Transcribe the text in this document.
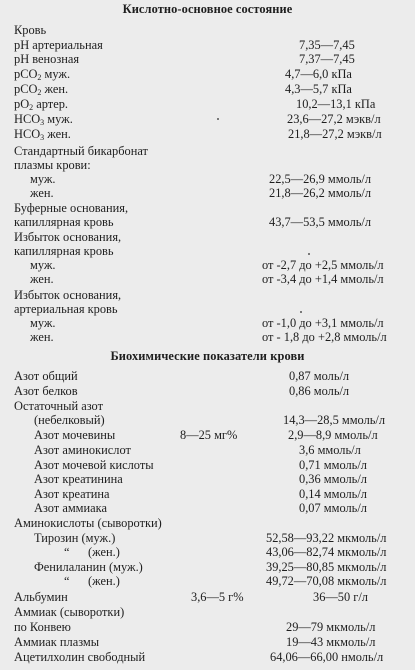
Кислотно-основное состояние
Кровь
pH артериальная	7,35—7,45
pH венозная	7,37—7,45
pCO$_2$ муж.	4,7—6,0 кПа
pCO$_2$ жен.	4,3—5,7 кПа
$pO_2$ артер.	10,2—13,1 кПа
$HCO_3$ муж.	23,6—27,2 мэкв/л
$HCO_3$ жен.	21,8—27,2 мэкв/л
Стандартный бикарбонат
плазмы крови:
муж.	22,5—26,9 ммоль/л
жен.	21,8—26,2 ммоль/л
Буферные основания,
капиллярная кровь	43,7—53,5 ммоль/л
Избыток основания,
капиллярная кровь
муж.	от -2,7 до +2,5 ммоль/л
жен.	от -3,4 до +1,4 ммоль/л
Избыток основания,
артериальная кровь
муж.	от -1,0 до +3,1 ммоль/л
жен.	от - 1,8 до +2,8 ммоль/л
Биохимические показатели крови
Азот общий	0,87 моль/л
Азот белков	0,86 моль/л
Остаточный азот
(небелковый)	14,3—28,5 ммоль/л
Азот мочевины	8—25 мг%	2,9—8,9 ммоль/л
Азот аминокислот	3,6 ммоль/л
Азот мочевой кислоты	0,71 ммоль/л
Азот креатинина	0,36 ммоль/л
Азот креатина	0,14 ммоль/л
Азот аммиака	0,07 ммоль/л
Аминокислоты (сыворотки)
Тирозин (муж.)	52,58—93,22 мкмоль/л
“ (жен.)	43,06—82,74 мкмоль/л
Фенилаланин (муж.)	39,25—80,85 мкмоль/л
“ (жен.)	49,72—70,08 мкмоль/л
Альбумин	3,6—5 г%	36—50 г/л
Аммиак (сыворотки)
по Конвею	29—79 мкмоль/л
Аммиак плазмы	19—43 мкмоль/л
Ацетилхолин свободный	64,06—66,00 нмоль/л
